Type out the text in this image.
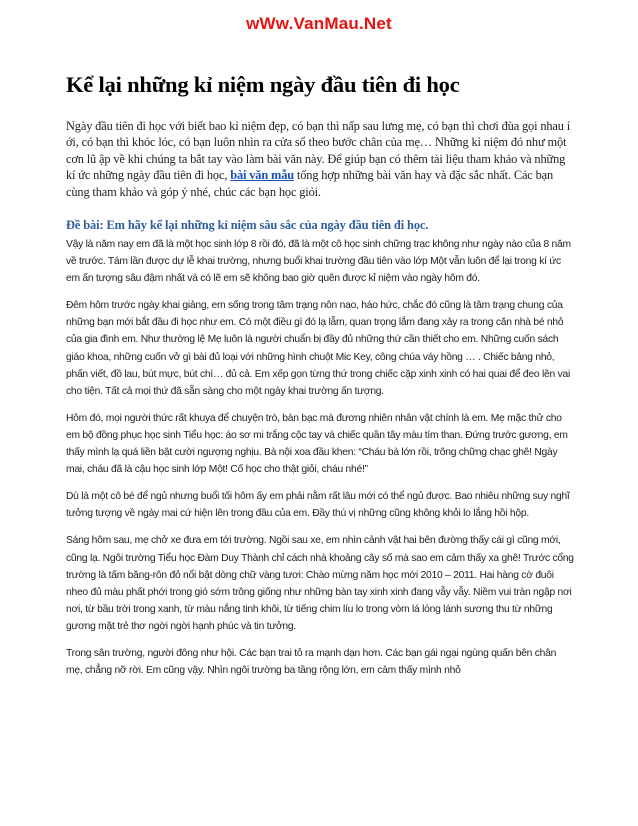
wWw.VanMau.Net
Kể lại những kỉ niệm ngày đầu tiên đi học

Ngày đầu tiên đi học với biết bao kỉ niệm đẹp, có bạn thì nấp sau lưng mẹ, có bạn thì chơi đùa gọi nhau í ới, có bạn thì khóc lóc, có bạn luôn nhìn ra cửa sổ theo bước chân của mẹ… Những kỉ niệm đó như một cơn lũ ập về khi chúng ta bắt tay vào làm bài văn này. Để giúp bạn có thêm tài liệu tham khảo và những kí ức những ngày đầu tiên đi học, bài văn mẫu tổng hợp những bài văn hay và đặc sắc nhất. Các bạn cùng tham khảo và góp ý nhé, chúc các bạn học giỏi.

Đề bài: Em hãy kể lại những kỉ niệm sâu sắc của ngày đầu tiên đi học.

Vậy là năm nay em đã là một học sinh lớp 8 rồi đó, đã là một cô học sinh chững trạc không như ngày nào của 8 năm về trước. Tám lần được dự lễ khai trường, nhưng buổi khai trường đầu tiên vào lớp Một vẫn luôn để lại trong kí ức em ấn tượng sâu đậm nhất và có lẽ em sẽ không bao giờ quên được kỉ niệm vào ngày hôm đó.

Đêm hôm trước ngày khai giảng, em sống trong tâm trạng nôn nao, háo hức, chắc đó cũng là tâm trạng chung của những bạn mới bắt đầu đi học như em. Có một điều gì đó lạ lẫm, quan trọng lắm đang xảy ra trong căn nhà bé nhỏ của gia đình em. Như thường lệ Mẹ luôn là người chuẩn bị đầy đủ những thứ cần thiết cho em. Những cuốn sách giáo khoa, những cuốn vở gì bài đủ loại với những hình chuột Mic Key, công chúa váy hồng … . Chiếc bảng nhỏ, phấn viết, đồ lau, bút mực, bút chì… đủ cả. Em xếp gọn từng thứ trong chiếc cặp xinh xinh có hai quai để đeo lên vai cho tiện. Tất cả mọi thứ đã sẵn sàng cho một ngày khai trường ấn tượng.

Hôm đó, mọi người thức rất khuya để chuyện trò, bàn bạc mà đương nhiên nhân vật chính là em. Mẹ mặc thử cho em bộ đồng phục học sinh Tiểu học: áo sơ mi trắng cộc tay và chiếc quần tây màu tím than. Đứng trước gương, em thấy mình lạ quá liền bật cười ngượng nghịu. Bà nội xoa đầu khen: “Cháu bà lớn rồi, trông chững chạc ghê! Ngày mai, cháu đã là cậu học sinh lớp Một! Cố học cho thật giỏi, cháu nhé!”

Dù là một cô bé để ngủ nhưng buổi tối hôm ấy em phải nằm rất lâu mới có thể ngủ được. Bao nhiêu những suy nghĩ tưởng tượng về ngày mai cứ hiện lên trong đầu của em. Đầy thú vị những cũng không khỏi lo lắng hồi hộp.

Sáng hôm sau, mẹ chở xe đưa em tới trường. Ngồi sau xe, em nhìn cảnh vật hai bên đường thấy cái gì cũng mới, cũng lạ. Ngôi trường Tiểu học Đàm Duy Thành chỉ cách nhà khoảng cây số mà sao em cảm thấy xa ghê! Trước cổng trường là tấm băng-rôn đỏ nổi bật dòng chữ vàng tươi: Chào mừng năm học mới 2010 – 2011. Hai hàng cờ đuôi nheo đủ màu phất phới trong gió sớm trông giống như những bàn tay xinh xinh đang vẫy vẫy. Niềm vui tràn ngập nơi nơi, từ bầu trời trong xanh, từ màu nắng tinh khôi, từ tiếng chim líu lo trong vòm lá lóng lánh sương thu từ những gương mặt trẻ thơ ngời ngời hạnh phúc và tin tưởng.

Trong sân trường, người đông như hội. Các bạn trai tỏ ra mạnh dạn hơn. Các bạn gái ngại ngùng quấn bên chân mẹ, chẳng nỡ rời. Em cũng vậy. Nhìn ngôi trường ba tầng rộng lớn, em cảm thấy mình nhỏ
